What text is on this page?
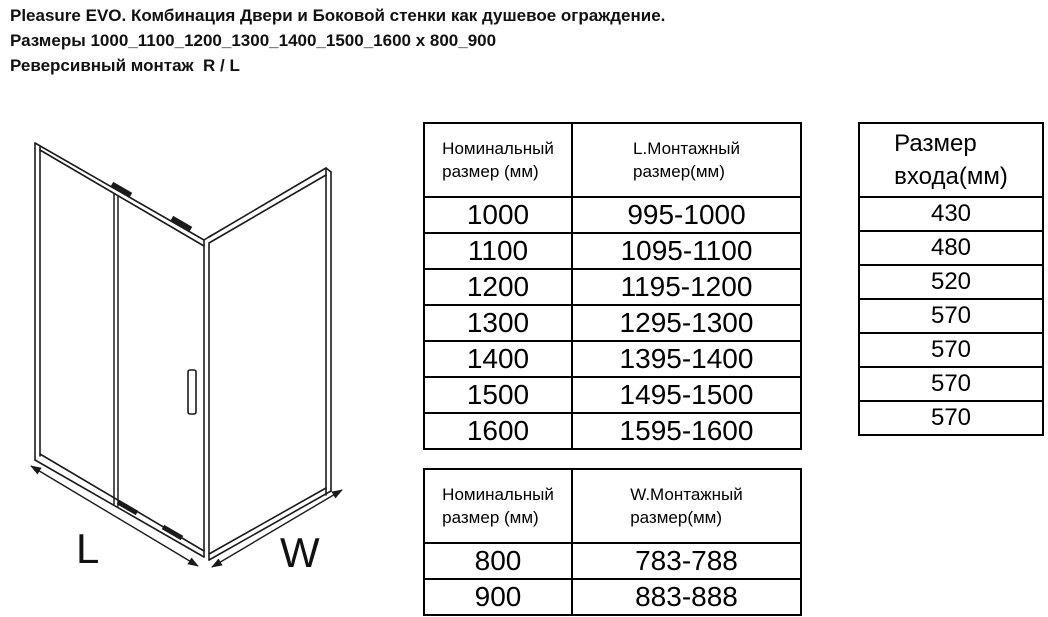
Pleasure EVO. Комбинация Двери и Боковой стенки как душевое ограждение.
Размеры 1000_1100_1200_1300_1400_1500_1600 x 800_900
Реверсивный монтаж  R / L
L	W
Номинальный
размер (мм)

L.Монтажный
размер(мм)

1000	995-1000
1100	1095-1100
1200	1195-1200
1300	1295-1300
1400	1395-1400
1500	1495-1500
1600	1595-1600
Номинальный
размер (мм)

W.Монтажный
размер(мм)

800	783-788
900	883-888
Размер
входа(мм)

430
480
520
570
570
570
570
